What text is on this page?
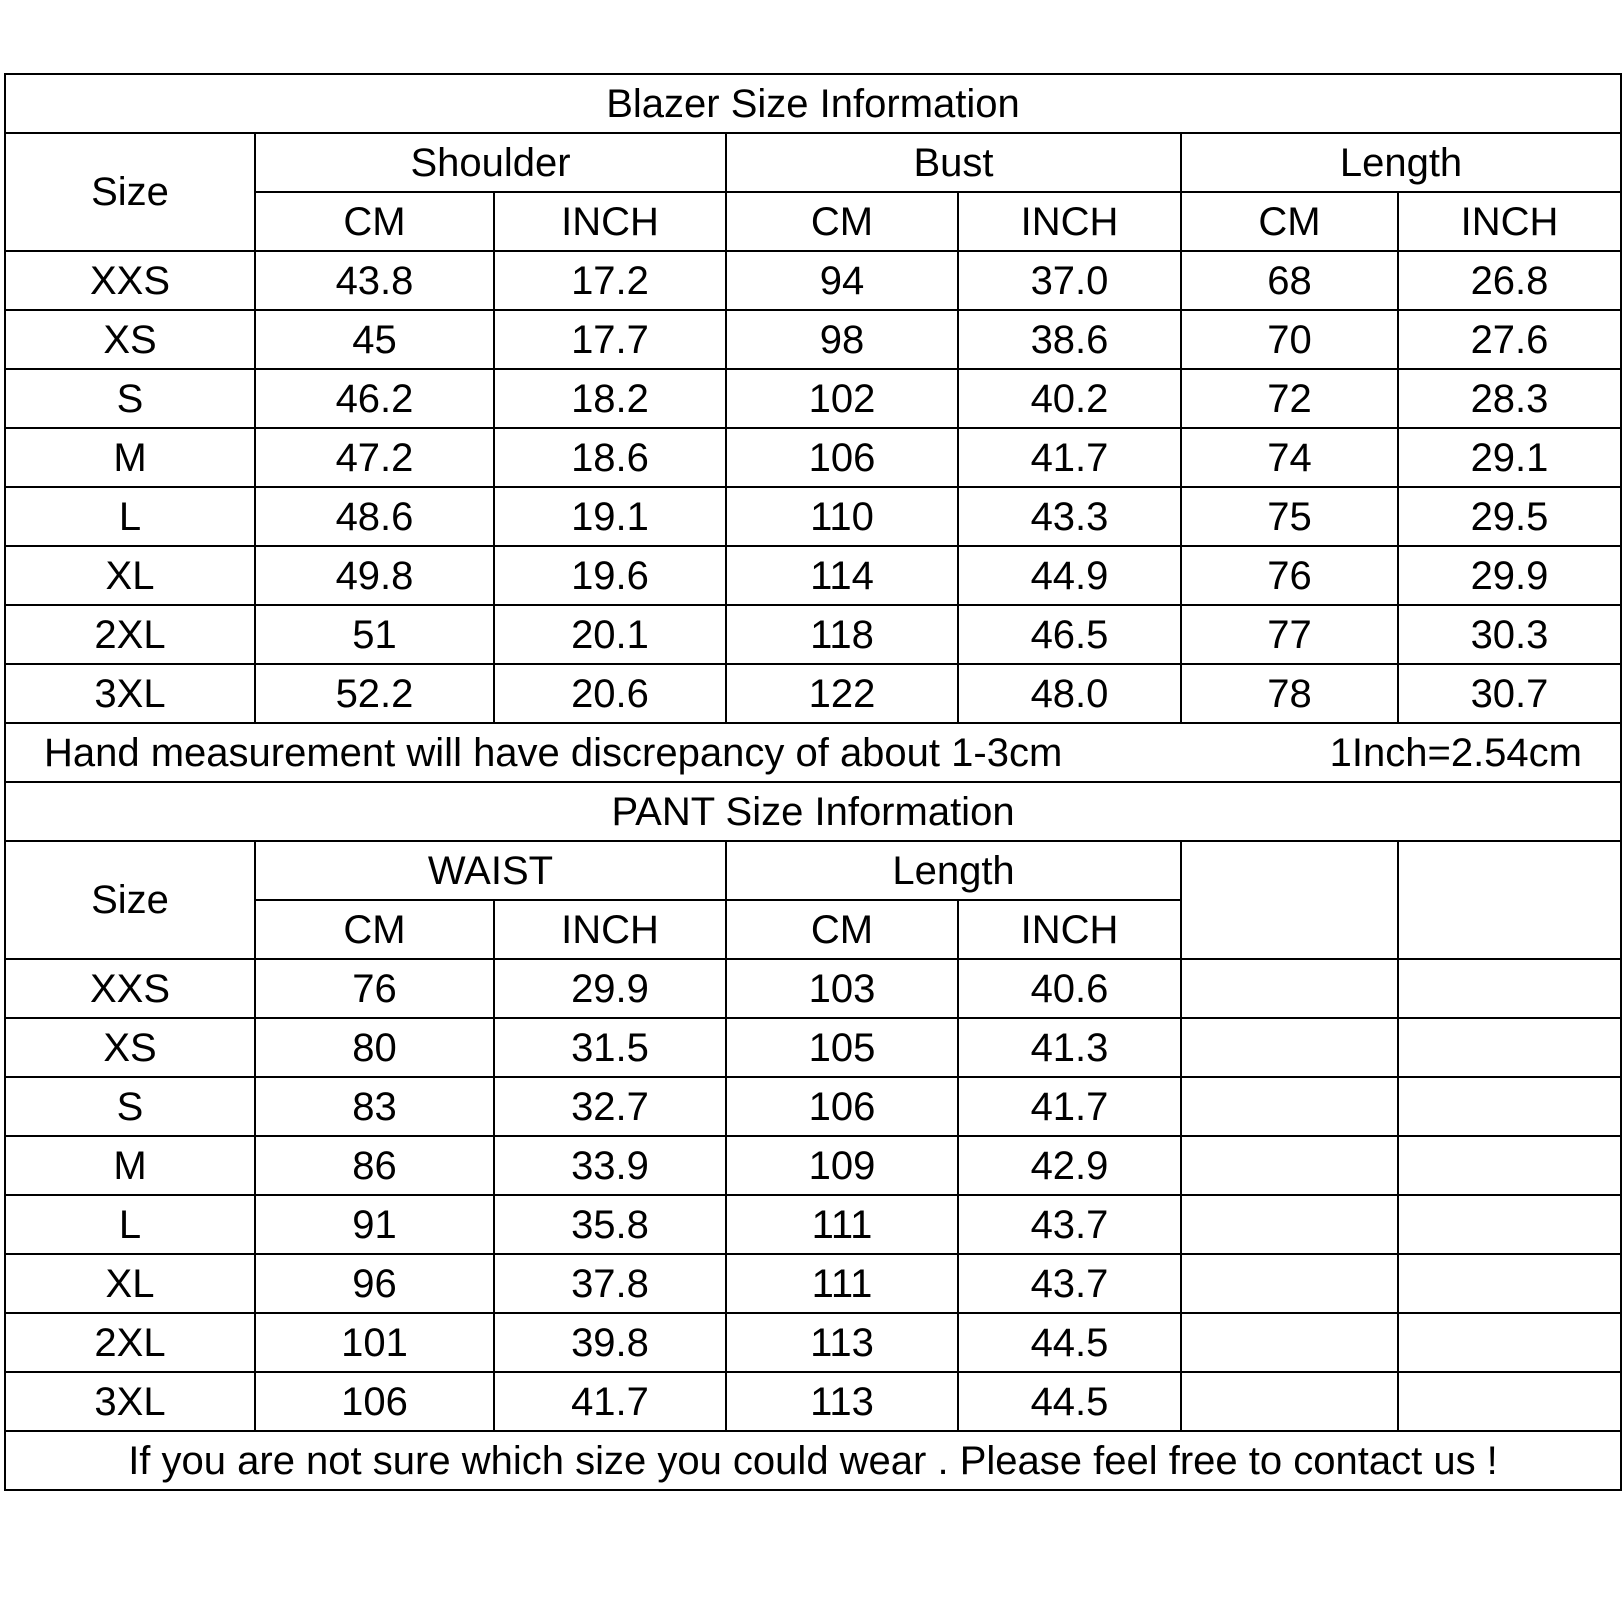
Blazer Size Information						
Size	Shoulder		Bust		Length	
	CM	INCH	CM	INCH	CM	INCH
XXS	43.8	17.2	94	37.0	68	26.8
XS	45	17.7	98	38.6	70	27.6
S	46.2	18.2	102	40.2	72	28.3
M	47.2	18.6	106	41.7	74	29.1
L	48.6	19.1	110	43.3	75	29.5
XL	49.8	19.6	114	44.9	76	29.9
2XL	51	20.1	118	46.5	77	30.3
3XL	52.2	20.6	122	48.0	78	30.7

Hand measurement will have discrepancy of about 1-3cm 1Inch=2.54cm						

PANT Size Information						
Size	WAIST		Length			
	CM	INCH	CM	INCH		
XXS	76	29.9	103	40.6		
XS	80	31.5	105	41.3		
S	83	32.7	106	41.7		
M	86	33.9	109	42.9		
L	91	35.8	111	43.7		
XL	96	37.8	111	43.7		
2XL	101	39.8	113	44.5		
3XL	106	41.7	113	44.5		

If you are not sure which size you could wear . Please feel free to contact us !						
